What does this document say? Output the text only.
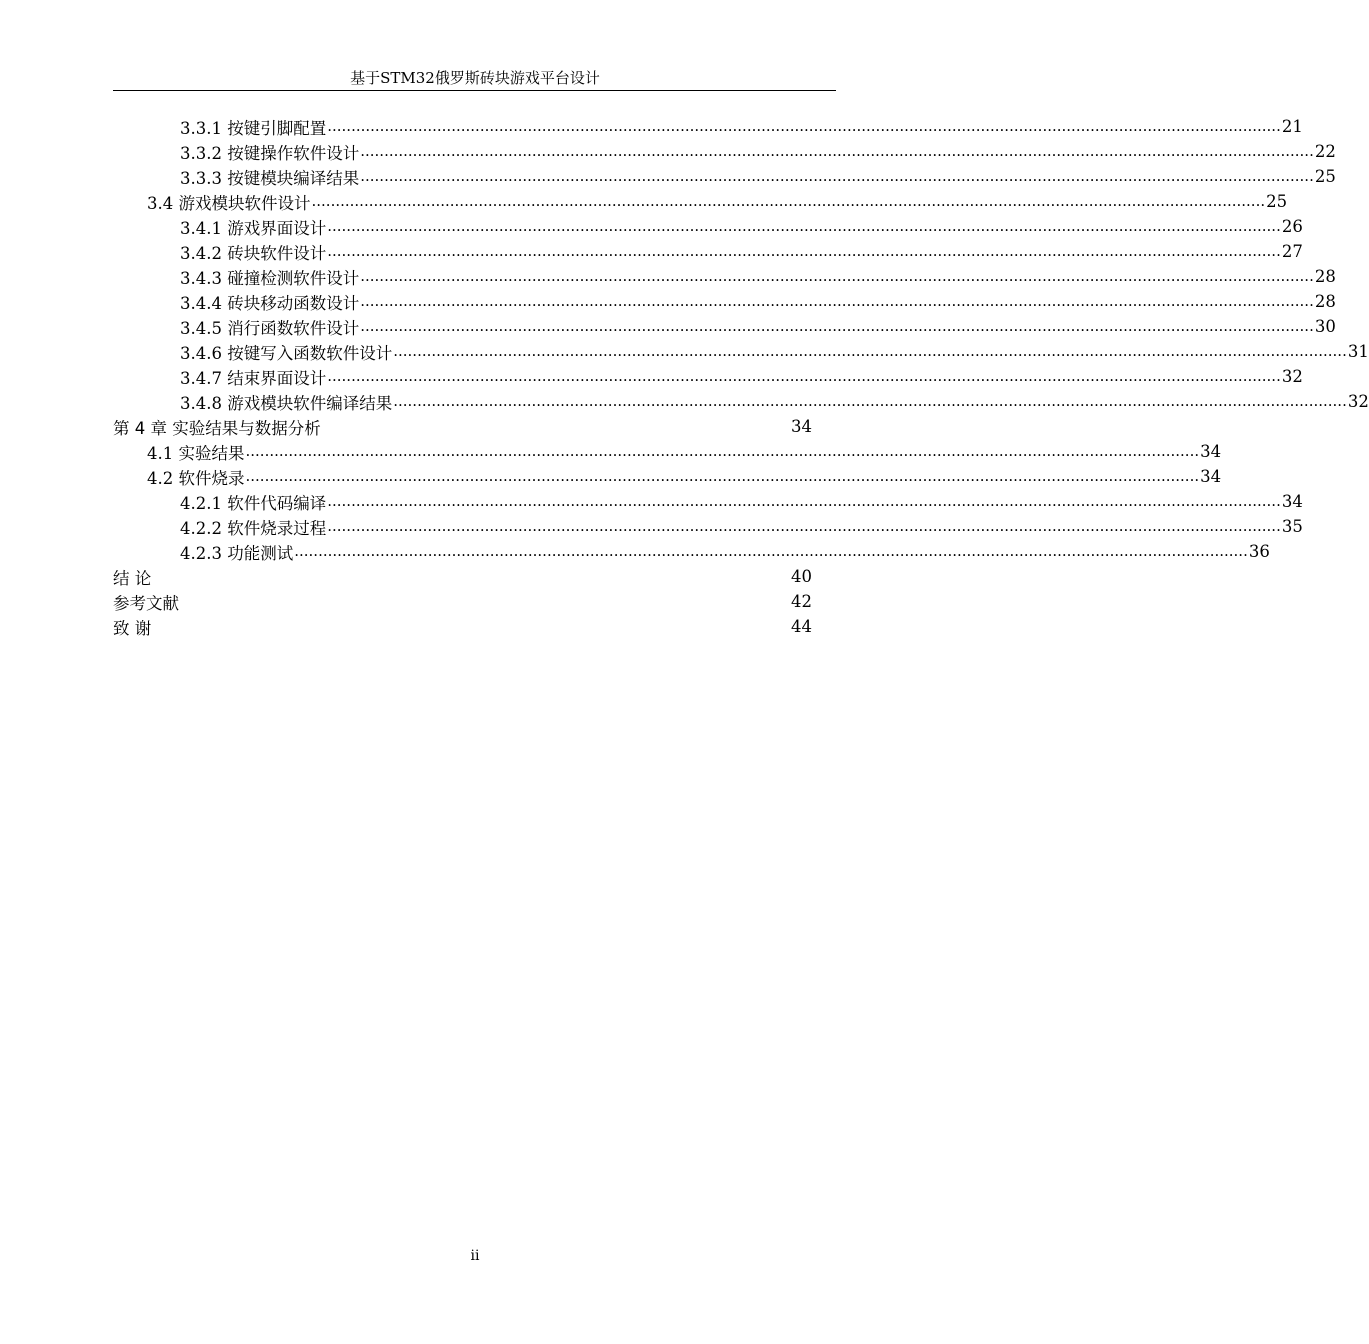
基于STM32俄罗斯砖块游戏平台设计
3.3.1 按键引脚配置 ........................................................................................................................................................................................................ 21
3.3.2 按键操作软件设计 ........................................................................................................................................................................................................ 22
3.3.3 按键模块编译结果 ........................................................................................................................................................................................................ 25
3.4 游戏模块软件设计 ........................................................................................................................................................................................................ 25
3.4.1 游戏界面设计 ........................................................................................................................................................................................................ 26
3.4.2 砖块软件设计 ........................................................................................................................................................................................................ 27
3.4.3 碰撞检测软件设计 ........................................................................................................................................................................................................ 28
3.4.4 砖块移动函数设计 ........................................................................................................................................................................................................ 28
3.4.5 消行函数软件设计 ........................................................................................................................................................................................................ 30
3.4.6 按键写入函数软件设计 ........................................................................................................................................................................................................ 31
3.4.7 结束界面设计 ........................................................................................................................................................................................................ 32
3.4.8 游戏模块软件编译结果 ........................................................................................................................................................................................................ 32
第 4 章 实验结果与数据分析	34
4.1 实验结果 ........................................................................................................................................................................................................ 34
4.2 软件烧录 ........................................................................................................................................................................................................ 34
4.2.1 软件代码编译 ........................................................................................................................................................................................................ 34
4.2.2 软件烧录过程 ........................................................................................................................................................................................................ 35
4.2.3 功能测试 ........................................................................................................................................................................................................ 36
结 论	40
参考文献	42
致 谢	44
ii
